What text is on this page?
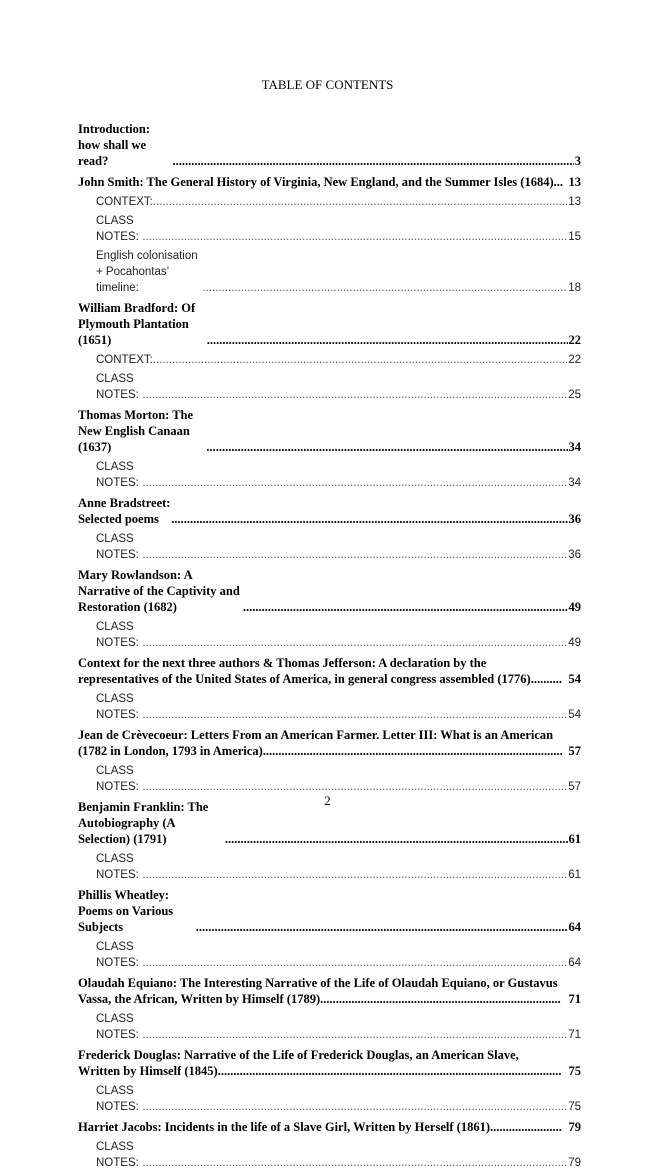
TABLE OF CONTENTS
Introduction: how shall we read? .....	3
John Smith: The General History of Virginia, New England, and the Summer Isles (1684)... 13
CONTEXT: .....	13
CLASS NOTES: .....	15
English colonisation + Pocahontas’ timeline: .....	18
William Bradford: Of Plymouth Plantation (1651) .....	22
CONTEXT: .....	22
CLASS NOTES: .....	25
Thomas Morton: The New English Canaan (1637) .....	34
CLASS NOTES: .....	34
Anne Bradstreet: Selected poems .....	36
CLASS NOTES: .....	36
Mary Rowlandson: A Narrative of the Captivity and Restoration (1682) .....	49
CLASS NOTES: .....	49
Context for the next three authors & Thomas Jefferson: A declaration by the representatives of the United States of America, in general congress assembled (1776).......... 54
CLASS NOTES: .....	54
Jean de Crèvecoeur: Letters From an American Farmer. Letter III: What is an American (1782 in London, 1793 in America)................................................................................................ 57
CLASS NOTES: .....	57
Benjamin Franklin: The Autobiography (A Selection) (1791) .....	61
CLASS NOTES: .....	61
Phillis Wheatley: Poems on Various Subjects .....	64
CLASS NOTES: .....	64
Olaudah Equiano: The Interesting Narrative of the Life of Olaudah Equiano, or Gustavus Vassa, the African, Written by Himself (1789)............................................................................. 71
CLASS NOTES: .....	71
Frederick Douglas: Narrative of the Life of Frederick Douglas, an American Slave, Written by Himself (1845).............................................................................................................. 75
CLASS NOTES: .....	75
Harriet Jacobs: Incidents in the life of a Slave Girl, Written by Herself (1861)....................... 79
CLASS NOTES: .....	79
2
